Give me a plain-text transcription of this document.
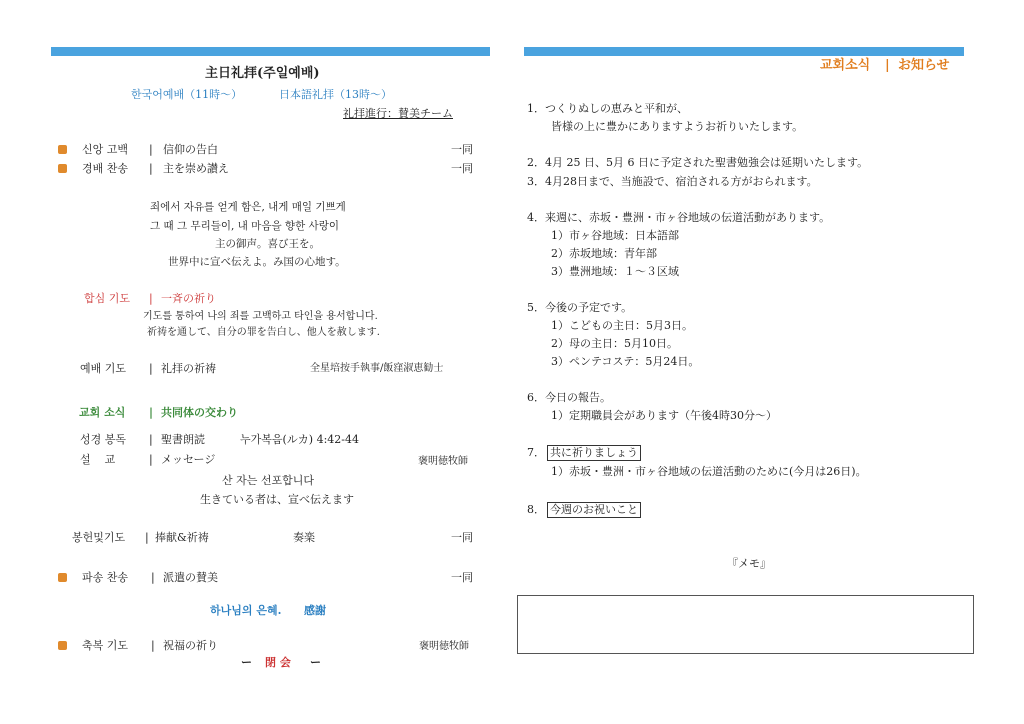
主日礼拝(주일예배)
한국어예배（11時〜）	日本語礼拝（13時〜）
礼拝進行：賛美チーム
신앙 고백 | 信仰の告白	一同
경배 찬송 | 主を崇め讃え	一同
죄에서 자유를 얻게 함은, 내게 매일 기쁘게
그 때 그 무리들이, 내 마음을 향한 사랑이
主の御声。喜び王を。
世界中に宣べ伝えよ。み国の心地す。
합심 기도 | 一斉の祈り
기도를 통하여 나의 죄를 고백하고 타인을 용서합니다.
祈祷を通して、自分の罪を告白し、他人を赦します.
예배 기도 | 礼拝の祈祷	全星培按手執事/飯窪淑恵勧士
교회 소식 | 共同体の交わり
성경 봉독 | 聖書朗読	누가복음(ルカ) 4:42-44
설    교	| メッセージ	褒明徳牧師
산 자는 선포합니다
生きている者は、宣べ伝えます
봉헌및기도 | 捧献&祈祷	奏楽	一同
파송 찬송 | 派遣の賛美	一同
하나님의 은혜. 感謝
축복 기도 | 祝福の祈り	褒明徳牧師
ー 閉 会 ー
교회소식 | お知らせ
1．つくりぬしの恵みと平和が、
皆様の上に豊かにありますようお祈りいたします。
2．4月 25 日、5月 6 日に予定された聖書勉強会は延期いたします。
3．4月28日まで、当施設で、宿泊される方がおられます。
4．来週に、赤坂・豊洲・市ヶ谷地域の伝道活動があります。
1）市ヶ谷地域：日本語部
2）赤坂地域：青年部
3）豊洲地域：１〜３区域
5．今後の予定です。
1）こどもの主日：5月3日。
2）母の主日：5月10日。
3）ペンテコステ：5月24日。
6．今日の報告。
1）定期職員会があります（午後4時30分〜）
7． 共に祈りましょう
1）赤坂・豊洲・市ヶ谷地域の伝道活動のために(今月は26日)。
8． 今週のお祝いこと
『メモ』
